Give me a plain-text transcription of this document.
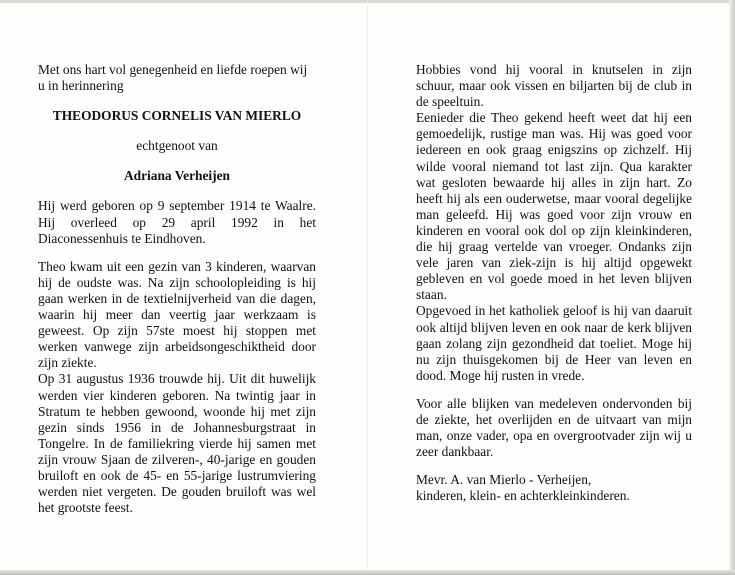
Met ons hart vol genegenheid en liefde roepen wij u in herinnering

THEODORUS CORNELIS VAN MIERLO

echtgenoot van

Adriana Verheijen

Hij werd geboren op 9 september 1914 te Waalre. Hij overleed op 29 april 1992 in het Diaconessenhuis te Eindhoven.

Theo kwam uit een gezin van 3 kinderen, waarvan hij de oudste was. Na zijn schoolopleiding is hij gaan werken in de textielnijverheid van die dagen, waarin hij meer dan veertig jaar werkzaam is geweest. Op zijn 57ste moest hij stoppen met werken vanwege zijn arbeidsongeschiktheid door zijn ziekte.

Op 31 augustus 1936 trouwde hij. Uit dit huwelijk werden vier kinderen geboren. Na twintig jaar in Stratum te hebben gewoond, woonde hij met zijn gezin sinds 1956 in de Johannesburgstraat in Tongelre. In de familiekring vierde hij samen met zijn vrouw Sjaan de zilveren-, 40-jarige en gouden bruiloft en ook de 45- en 55-jarige lustrumviering werden niet vergeten. De gouden bruiloft was wel het grootste feest.

Hobbies vond hij vooral in knutselen in zijn schuur, maar ook vissen en biljarten bij de club in de speeltuin.

Eenieder die Theo gekend heeft weet dat hij een gemoedelijk, rustige man was. Hij was goed voor iedereen en ook graag enigszins op zichzelf. Hij wilde vooral niemand tot last zijn. Qua karakter wat gesloten bewaarde hij alles in zijn hart. Zo heeft hij als een ouderwetse, maar vooral degelijke man geleefd. Hij was goed voor zijn vrouw en kinderen en vooral ook dol op zijn kleinkinderen, die hij graag vertelde van vroeger. Ondanks zijn vele jaren van ziek-zijn is hij altijd opgewekt gebleven en vol goede moed in het leven blijven staan.

Opgevoed in het katholiek geloof is hij van daaruit ook altijd blijven leven en ook naar de kerk blijven gaan zolang zijn gezondheid dat toeliet. Moge hij nu zijn thuisgekomen bij de Heer van leven en dood. Moge hij rusten in vrede.

Voor alle blijken van medeleven ondervonden bij de ziekte, het overlijden en de uitvaart van mijn man, onze vader, opa en overgrootvader zijn wij u zeer dankbaar.

Mevr. A. van Mierlo - Verheijen,

kinderen, klein- en achterkleinkinderen.
